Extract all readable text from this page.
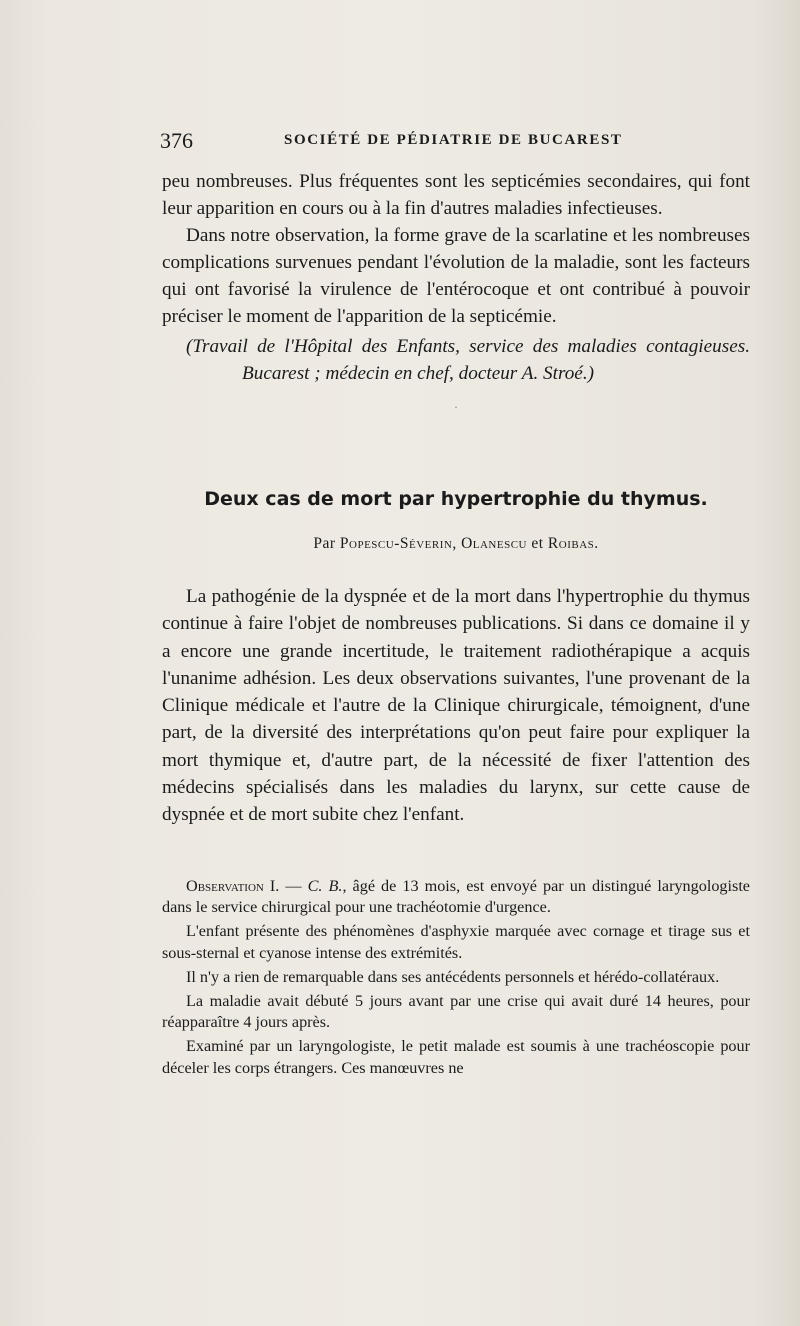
376	SOCIÉTÉ DE PÉDIATRIE DE BUCAREST

peu nombreuses. Plus fréquentes sont les septicémies secondaires, qui font leur apparition en cours ou à la fin d'autres maladies infectieuses.

Dans notre observation, la forme grave de la scarlatine et les nombreuses complications survenues pendant l'évolution de la maladie, sont les facteurs qui ont favorisé la virulence de l'entérocoque et ont contribué à pouvoir préciser le moment de l'apparition de la septicémie.

(Travail de l'Hôpital des Enfants, service des maladies contagieuses. Bucarest ; médecin en chef, docteur A. Stroé.)

·
Deux cas de mort par hypertrophie du thymus.
Par Popescu-Séverin, Olanescu et Roibas.

La pathogénie de la dyspnée et de la mort dans l'hypertrophie du thymus continue à faire l'objet de nombreuses publications. Si dans ce domaine il y a encore une grande incertitude, le traitement radiothérapique a acquis l'unanime adhésion. Les deux observations suivantes, l'une provenant de la Clinique médicale et l'autre de la Clinique chirurgicale, témoignent, d'une part, de la diversité des interprétations qu'on peut faire pour expliquer la mort thymique et, d'autre part, de la nécessité de fixer l'attention des médecins spécialisés dans les maladies du larynx, sur cette cause de dyspnée et de mort subite chez l'enfant.

Observation I. — C. B., âgé de 13 mois, est envoyé par un distingué laryngologiste dans le service chirurgical pour une trachéotomie d'urgence.

L'enfant présente des phénomènes d'asphyxie marquée avec cornage et tirage sus et sous-sternal et cyanose intense des extrémités.

Il n'y a rien de remarquable dans ses antécédents personnels et hérédo-collatéraux.

La maladie avait débuté 5 jours avant par une crise qui avait duré 14 heures, pour réapparaître 4 jours après.

Examiné par un laryngologiste, le petit malade est soumis à une trachéoscopie pour déceler les corps étrangers. Ces manœuvres ne
